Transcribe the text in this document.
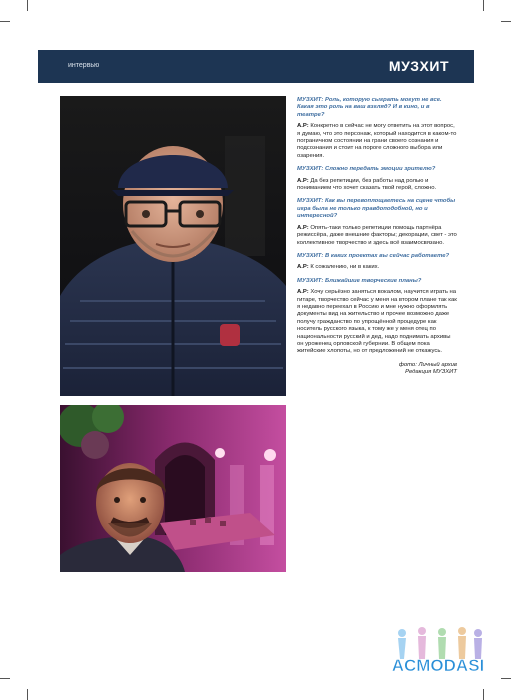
интервью	МУЗХИТ

МУЗХИТ: Роль, которую сыграть могут не все. Какая это роль на ваш взгляд? И в кино, и в театре?

А.Р: Конкретно в сейчас не могу ответить на этот вопрос, я думаю, что это персонаж, который находится в каком-то пограничном состоянии на грани своего сознания и подсознания и стоит на пороге сложного выбора или озарения.

МУЗХИТ: Сложно передать эмоции зрителю?

А.Р: Да без репетиции, без работы над ролью и пониманием что хочет сказать твой герой, сложно.

МУЗХИТ: Как вы перевоплощаетесь на сцене чтобы игра была не только правдоподобной, но и интересной?

А.Р: Опять-таки только репетиции помощь партнёра режиссёра, даже внешние факторы; декорации, свет - это коллективное творчество и здесь всё взаимосвязано.

МУЗХИТ: В каких проектах вы сейчас работаете?

А.Р: К сожалению, ни в каких.

МУЗХИТ: Ближайшие творческие планы?

А.Р: Хочу серьёзно заняться вокалом, научится играть на гитаре, творчество сейчас у меня на втором плане так как я недавно переехал в Россию и мне нужно оформлять документы вид на жительство и прочее возможно даже получу гражданство по упрощённой процедуре как носитель русского языка, к тому же у меня отец по национальности русский и дед, надо поднимать архивы он уроженец орловской губернии. В общем пока житейские хлопоты, но от предложений не откажусь.

фото: Личный архив
Редакция МУЗХИТ

ACMODASI
